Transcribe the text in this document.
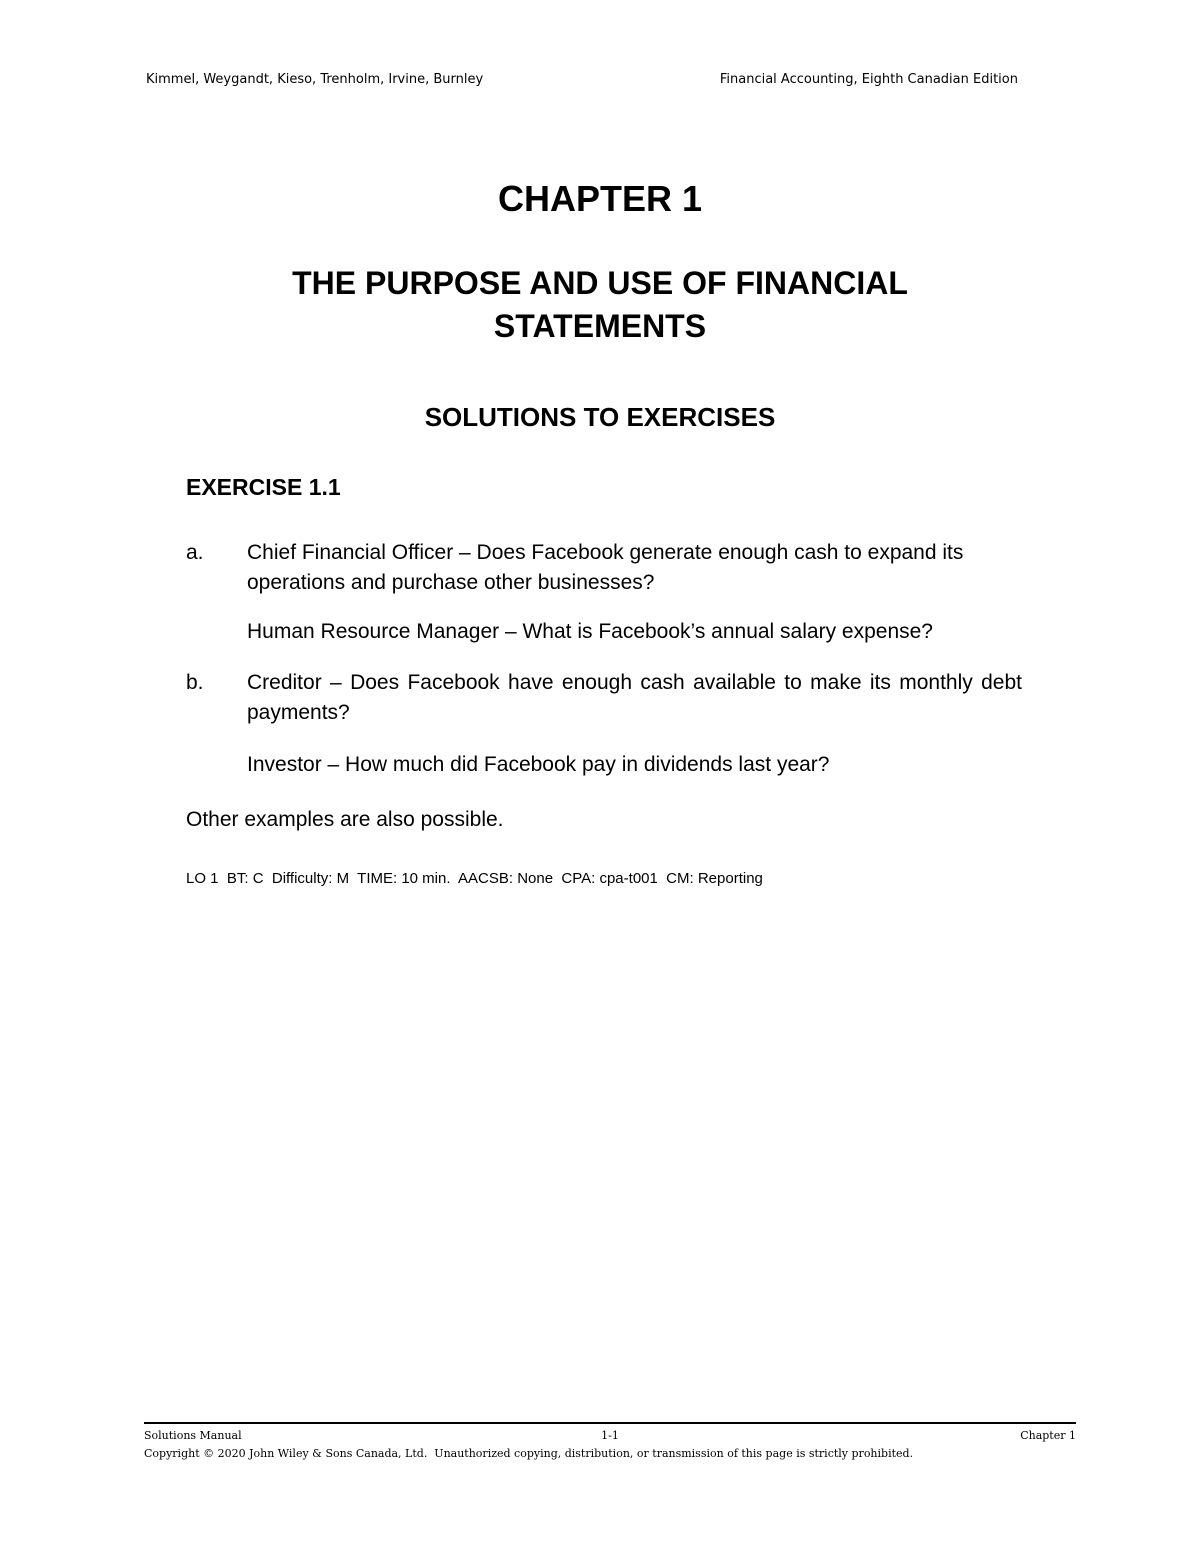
Kimmel, Weygandt, Kieso, Trenholm, Irvine, Burnley	Financial Accounting, Eighth Canadian Edition
CHAPTER 1
THE PURPOSE AND USE OF FINANCIAL
STATEMENTS
SOLUTIONS TO EXERCISES
EXERCISE 1.1
a. Chief Financial Officer – Does Facebook generate enough cash to expand its operations and purchase other businesses?
Human Resource Manager – What is Facebook’s annual salary expense?
b. Creditor – Does Facebook have enough cash available to make its monthly debt payments?
Investor – How much did Facebook pay in dividends last year?
Other examples are also possible.
LO 1  BT: C  Difficulty: M  TIME: 10 min.  AACSB: None  CPA: cpa-t001  CM: Reporting
Solutions Manual	1-1	Chapter 1
Copyright © 2020 John Wiley & Sons Canada, Ltd.  Unauthorized copying, distribution, or transmission of this page is strictly prohibited.
